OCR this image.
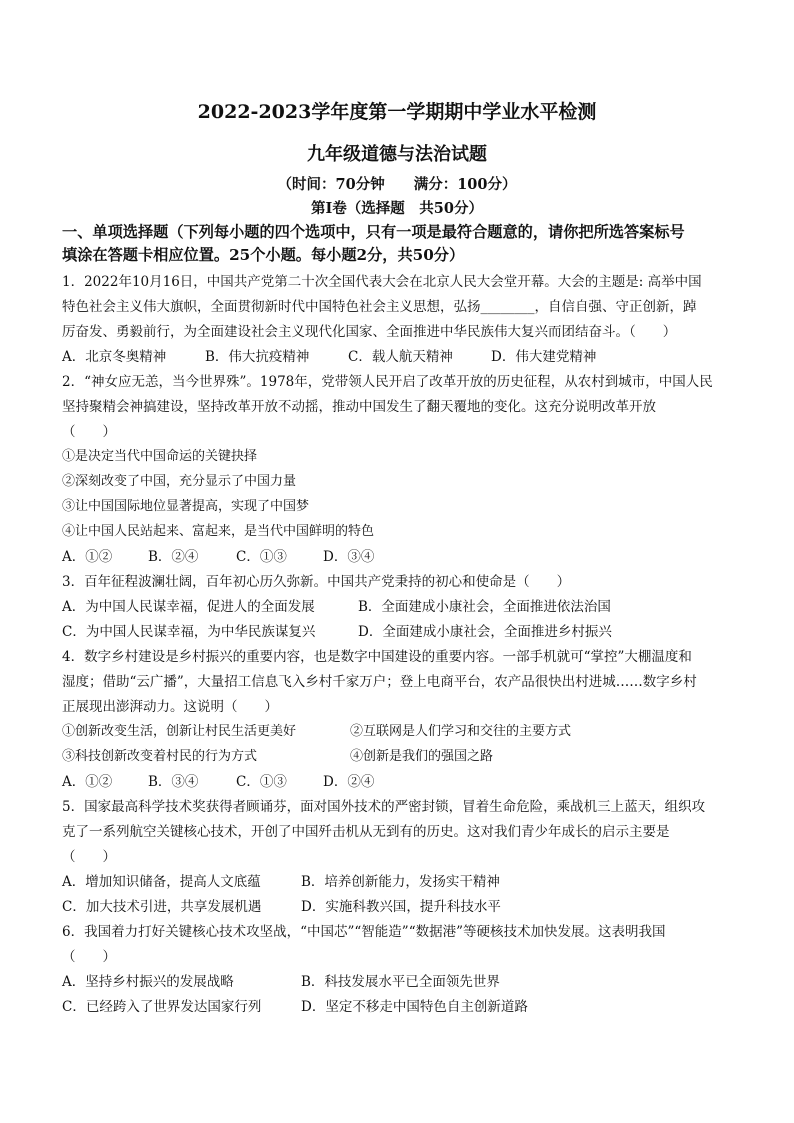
2022-2023学年度第一学期期中学业水平检测
九年级道德与法治试题
（时间：70分钟　　满分：100分）
第Ⅰ卷（选择题　共50分）
一、单项选择题（下列每小题的四个选项中，只有一项是最符合题意的，请你把所选答案标号
填涂在答题卡相应位置。25个小题。每小题2分，共50分）
1．2022年10月16日，中国共产党第二十次全国代表大会在北京人民大会堂开幕。大会的主题是: 高举中国
特色社会主义伟大旗帜，全面贯彻新时代中国特色社会主义思想，弘扬________，自信自强、守正创新，踔
厉奋发、勇毅前行，为全面建设社会主义现代化国家、全面推进中华民族伟大复兴而团结奋斗。（　　）
A．北京冬奥精神	B．伟大抗疫精神	C．载人航天精神	D．伟大建党精神
2．“神女应无恙，当今世界殊”。1978年，党带领人民开启了改革开放的历史征程，从农村到城市，中国人民
坚持聚精会神搞建设，坚持改革开放不动摇，推动中国发生了翻天覆地的变化。这充分说明改革开放
（　　）
①是决定当代中国命运的关键抉择
②深刻改变了中国，充分显示了中国力量
③让中国国际地位显著提高，实现了中国梦
④让中国人民站起来、富起来，是当代中国鲜明的特色
A．①②	B．②④	C．①③	D．③④
3．百年征程波澜壮阔，百年初心历久弥新。中国共产党秉持的初心和使命是（　　）
A．为中国人民谋幸福，促进人的全面发展	B．全面建成小康社会，全面推进依法治国
C．为中国人民谋幸福，为中华民族谋复兴	D．全面建成小康社会，全面推进乡村振兴
4．数字乡村建设是乡村振兴的重要内容，也是数字中国建设的重要内容。一部手机就可“掌控”大棚温度和
湿度；借助“云广播”，大量招工信息飞入乡村千家万户；登上电商平台，农产品很快出村进城……数字乡村
正展现出澎湃动力。这说明（　　）
①创新改变生活，创新让村民生活更美好	②互联网是人们学习和交往的主要方式
③科技创新改变着村民的行为方式	④创新是我们的强国之路
A．①②	B．③④	C．①③	D．②④
5．国家最高科学技术奖获得者顾诵芬，面对国外技术的严密封锁，冒着生命危险，乘战机三上蓝天，组织攻
克了一系列航空关键核心技术，开创了中国歼击机从无到有的历史。这对我们青少年成长的启示主要是
（　　）
A．增加知识储备，提高人文底蕴	B．培养创新能力，发扬实干精神
C．加大技术引进，共享发展机遇	D．实施科教兴国，提升科技水平
6．我国着力打好关键核心技术攻坚战，“中国芯”“智能造”“数据港”等硬核技术加快发展。这表明我国
（　　）
A．坚持乡村振兴的发展战略	B．科技发展水平已全面领先世界
C．已经跨入了世界发达国家行列	D．坚定不移走中国特色自主创新道路
